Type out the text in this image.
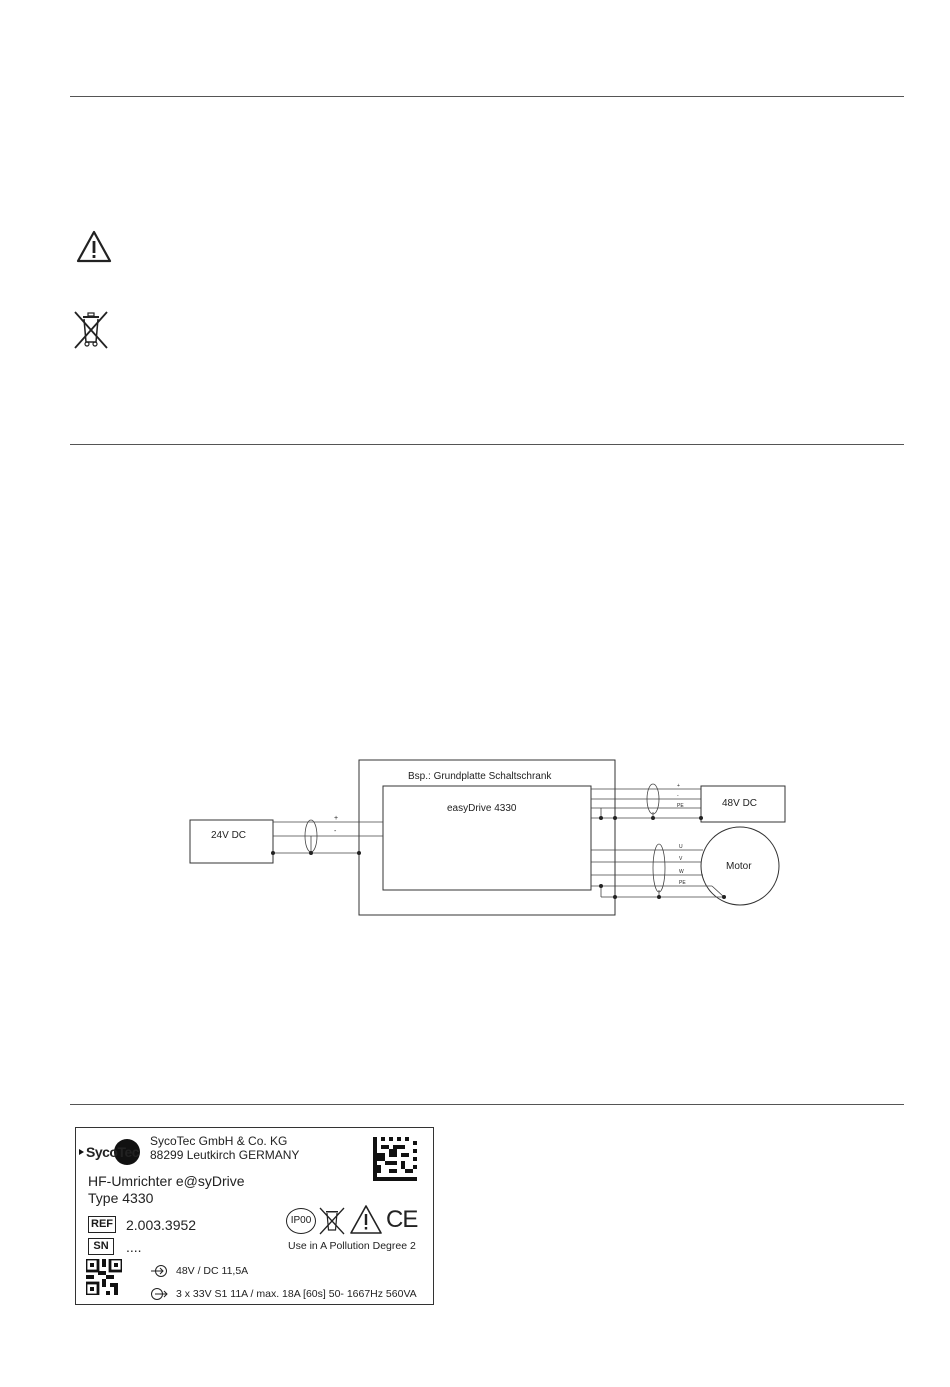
Bsp.: Grundplatte Schaltschrank
easyDrive 4330
24V DC
48V DC
Motor
+
-
+
-
PE
U
V
W
PE
SycoTec
SycoTec GmbH & Co. KG
88299 Leutkirch GERMANY
HF-Umrichter e@syDrive
Type 4330
REF 2.003.3952
SN	....
IP00	CE
Use in A Pollution Degree 2
48V / DC 11,5A
3 x 33V S1 11A / max. 18A [60s] 50- 1667Hz 560VA
